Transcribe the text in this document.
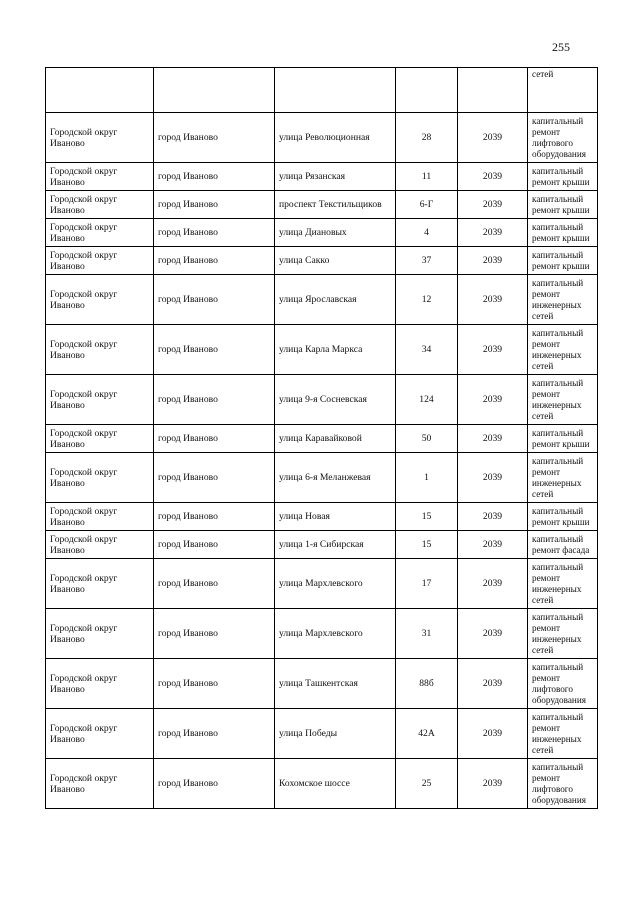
255
					сетей
Городской округ Иваново	город Иваново	улица Революционная	28	2039	капитальный ремонт лифтового оборудования
Городской округ Иваново	город Иваново	улица Рязанская	11	2039	капитальный ремонт крыши
Городской округ Иваново	город Иваново	проспект Текстильщиков	6-Г	2039	капитальный ремонт крыши
Городской округ Иваново	город Иваново	улица Диановых	4	2039	капитальный ремонт крыши
Городской округ Иваново	город Иваново	улица Сакко	37	2039	капитальный ремонт крыши
Городской округ Иваново	город Иваново	улица Ярославская	12	2039	капитальный ремонт инженерных сетей
Городской округ Иваново	город Иваново	улица Карла Маркса	34	2039	капитальный ремонт инженерных сетей
Городской округ Иваново	город Иваново	улица 9-я Сосневская	124	2039	капитальный ремонт инженерных сетей
Городской округ Иваново	город Иваново	улица Каравайковой	50	2039	капитальный ремонт крыши
Городской округ Иваново	город Иваново	улица 6-я Меланжевая	1	2039	капитальный ремонт инженерных сетей
Городской округ Иваново	город Иваново	улица Новая	15	2039	капитальный ремонт крыши
Городской округ Иваново	город Иваново	улица 1-я Сибирская	15	2039	капитальный ремонт фасада
Городской округ Иваново	город Иваново	улица Мархлевского	17	2039	капитальный ремонт инженерных сетей
Городской округ Иваново	город Иваново	улица Мархлевского	31	2039	капитальный ремонт инженерных сетей
Городской округ Иваново	город Иваново	улица Ташкентская	88б	2039	капитальный ремонт лифтового оборудования
Городской округ Иваново	город Иваново	улица Победы	42А	2039	капитальный ремонт инженерных сетей
Городской округ Иваново	город Иваново	Кохомское шоссе	25	2039	капитальный ремонт лифтового оборудования
